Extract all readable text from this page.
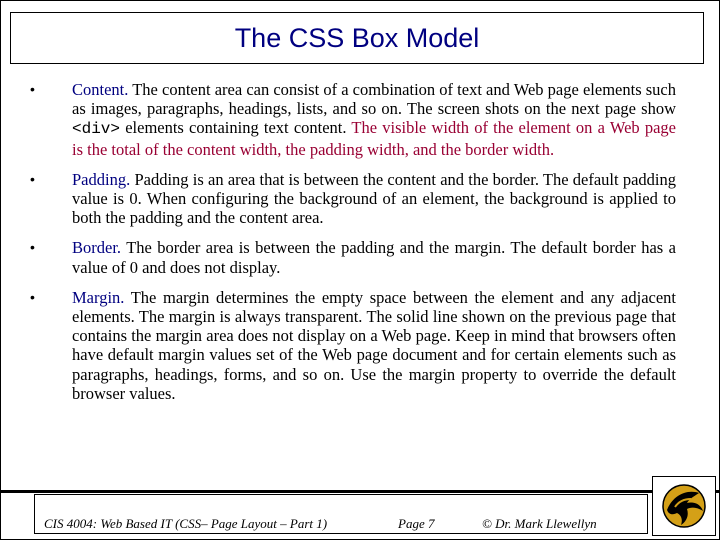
The CSS Box Model
•	Content. The content area can consist of a combination of text and Web page elements such as images, paragraphs, headings, lists, and so on. The screen shots on the next page show <div> elements containing text content. The visible width of the element on a Web page is the total of the content width, the padding width, and the border width.
•	Padding. Padding is an area that is between the content and the border. The default padding value is 0. When configuring the background of an element, the background is applied to both the padding and the content area.
•	Border. The border area is between the padding and the margin. The default border has a value of 0 and does not display.
•	Margin. The margin determines the empty space between the element and any adjacent elements. The margin is always transparent. The solid line shown on the previous page that contains the margin area does not display on a Web page. Keep in mind that browsers often have default margin values set of the Web page document and for certain elements such as paragraphs, headings, forms, and so on. Use the margin property to override the default browser values.
CIS 4004: Web Based IT (CSS– Page Layout – Part 1)	Page 7	© Dr. Mark Llewellyn
